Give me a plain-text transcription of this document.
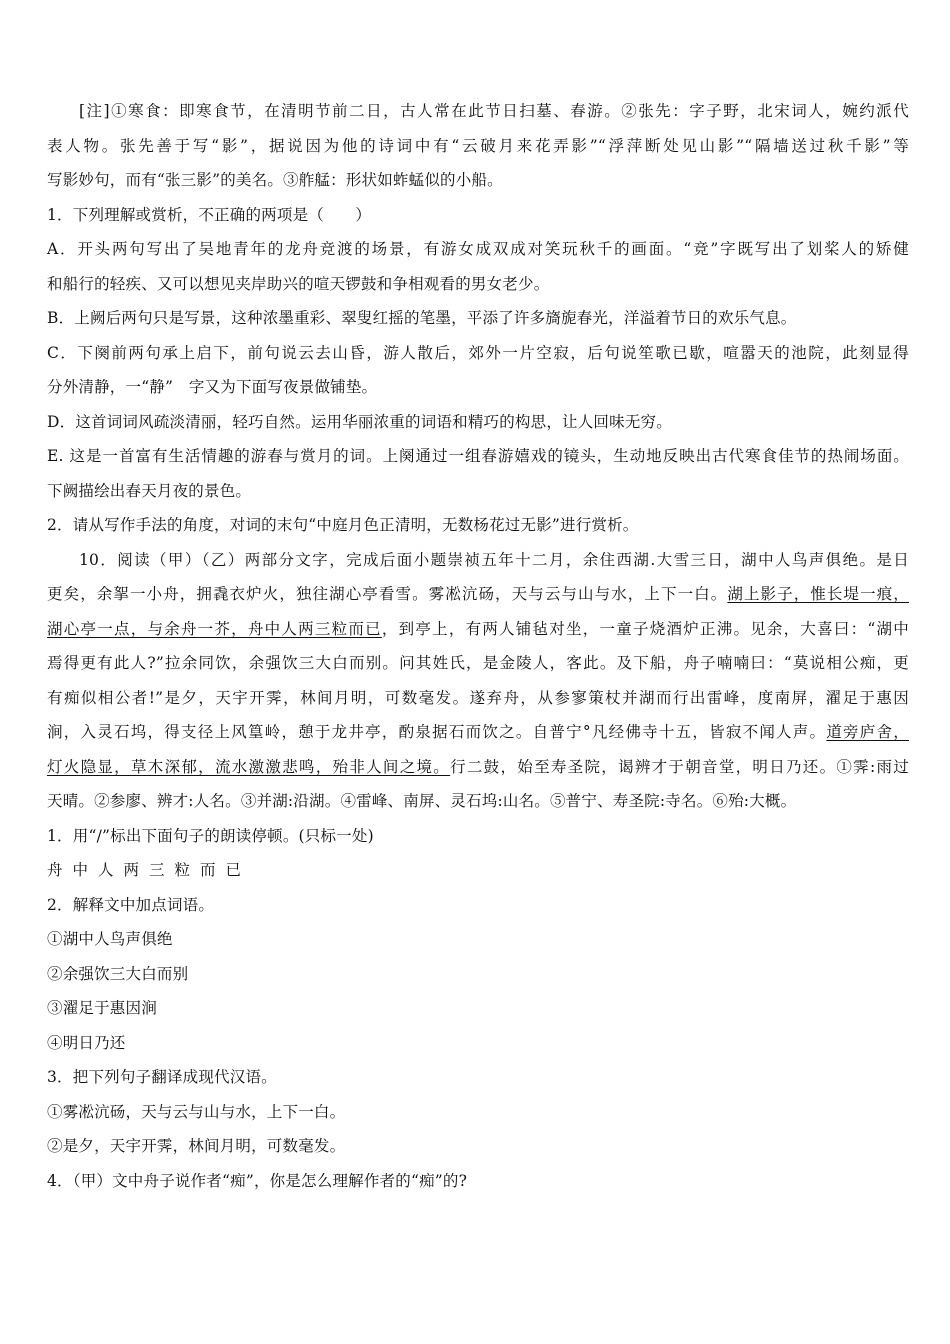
[注]①寒食：即寒食节，在清明节前二日，古人常在此节日扫墓、春游。②张先：字子野，北宋词人，婉约派代
表人物。张先善于写“影”，据说因为他的诗词中有“云破月来花弄影”“浮萍断处见山影”“隔墙送过秋千影”等
写影妙句，而有“张三影”的美名。③舴艋：形状如蚱蜢似的小船。
1．下列理解或赏析，不正确的两项是（　　）
A．开头两句写出了吴地青年的龙舟竞渡的场景，有游女成双成对笑玩秋千的画面。“竞”字既写出了划桨人的矫健
和船行的轻疾、又可以想见夹岸助兴的喧天锣鼓和争相观看的男女老少。
B．上阙后两句只是写景，这种浓墨重彩、翠叟红摇的笔墨，平添了许多旖旎春光，洋溢着节日的欢乐气息。
C．下阕前两句承上启下，前句说云去山昏，游人散后，郊外一片空寂，后句说笙歌已歇，喧嚣天的池院，此刻显得
分外清静，一“静”　字又为下面写夜景做铺垫。
D．这首词词风疏淡清丽，轻巧自然。运用华丽浓重的词语和精巧的构思，让人回味无穷。
E. 这是一首富有生活情趣的游春与赏月的词。上阕通过一组春游嬉戏的镜头，生动地反映出古代寒食佳节的热闹场面。
下阙描绘出春天月夜的景色。
2．请从写作手法的角度，对词的末句“中庭月色正清明，无数杨花过无影”进行赏析。
10．阅读（甲）（乙）两部分文字，完成后面小题崇祯五年十二月，余住西湖.大雪三日，湖中人鸟声俱绝。是日
更矣，余挐一小舟，拥毳衣炉火，独往湖心亭看雪。雾凇沆砀，天与云与山与水，上下一白。湖上影子，惟长堤一痕，
湖心亭一点，与余舟一芥，舟中人两三粒而已，到亭上，有两人铺毡对坐，一童子烧酒炉正沸。见余，大喜曰：“湖中
焉得更有此人?”拉余同饮，余强饮三大白而别。问其姓氏，是金陵人，客此。及下船，舟子喃喃曰：“莫说相公痴，更
有痴似相公者!”是夕，天宇开霁，林间月明，可数毫发。遂弃舟，从参寥策杖并湖而行出雷峰，度南屏，濯足于惠因
涧，入灵石坞，得支径上风篁岭，憩于龙井亭，酌泉据石而饮之。自普宁°凡经佛寺十五，皆寂不闻人声。道旁庐舍，
灯火隐显，草木深郁，流水激激悲鸣，殆非人间之境。行二鼓，始至寿圣院，谒辨才于朝音堂，明日乃还。①霁:雨过
天晴。②参廖、辨才:人名。③并湖:沿湖。④雷峰、南屏、灵石坞:山名。⑤普宁、寿圣院:寺名。⑥殆:大概。
1．用“/”标出下面句子的朗读停顿。(只标一处)
舟中人两三粒而已
2．解释文中加点词语。
①湖中人鸟声俱绝
②余强饮三大白而别
③濯足于惠因涧
④明日乃还
3．把下列句子翻译成现代汉语。
①雾凇沆砀，天与云与山与水，上下一白。
②是夕，天宇开霁，林间月明，可数毫发。
4．（甲）文中舟子说作者“痴”，你是怎么理解作者的“痴”的?
